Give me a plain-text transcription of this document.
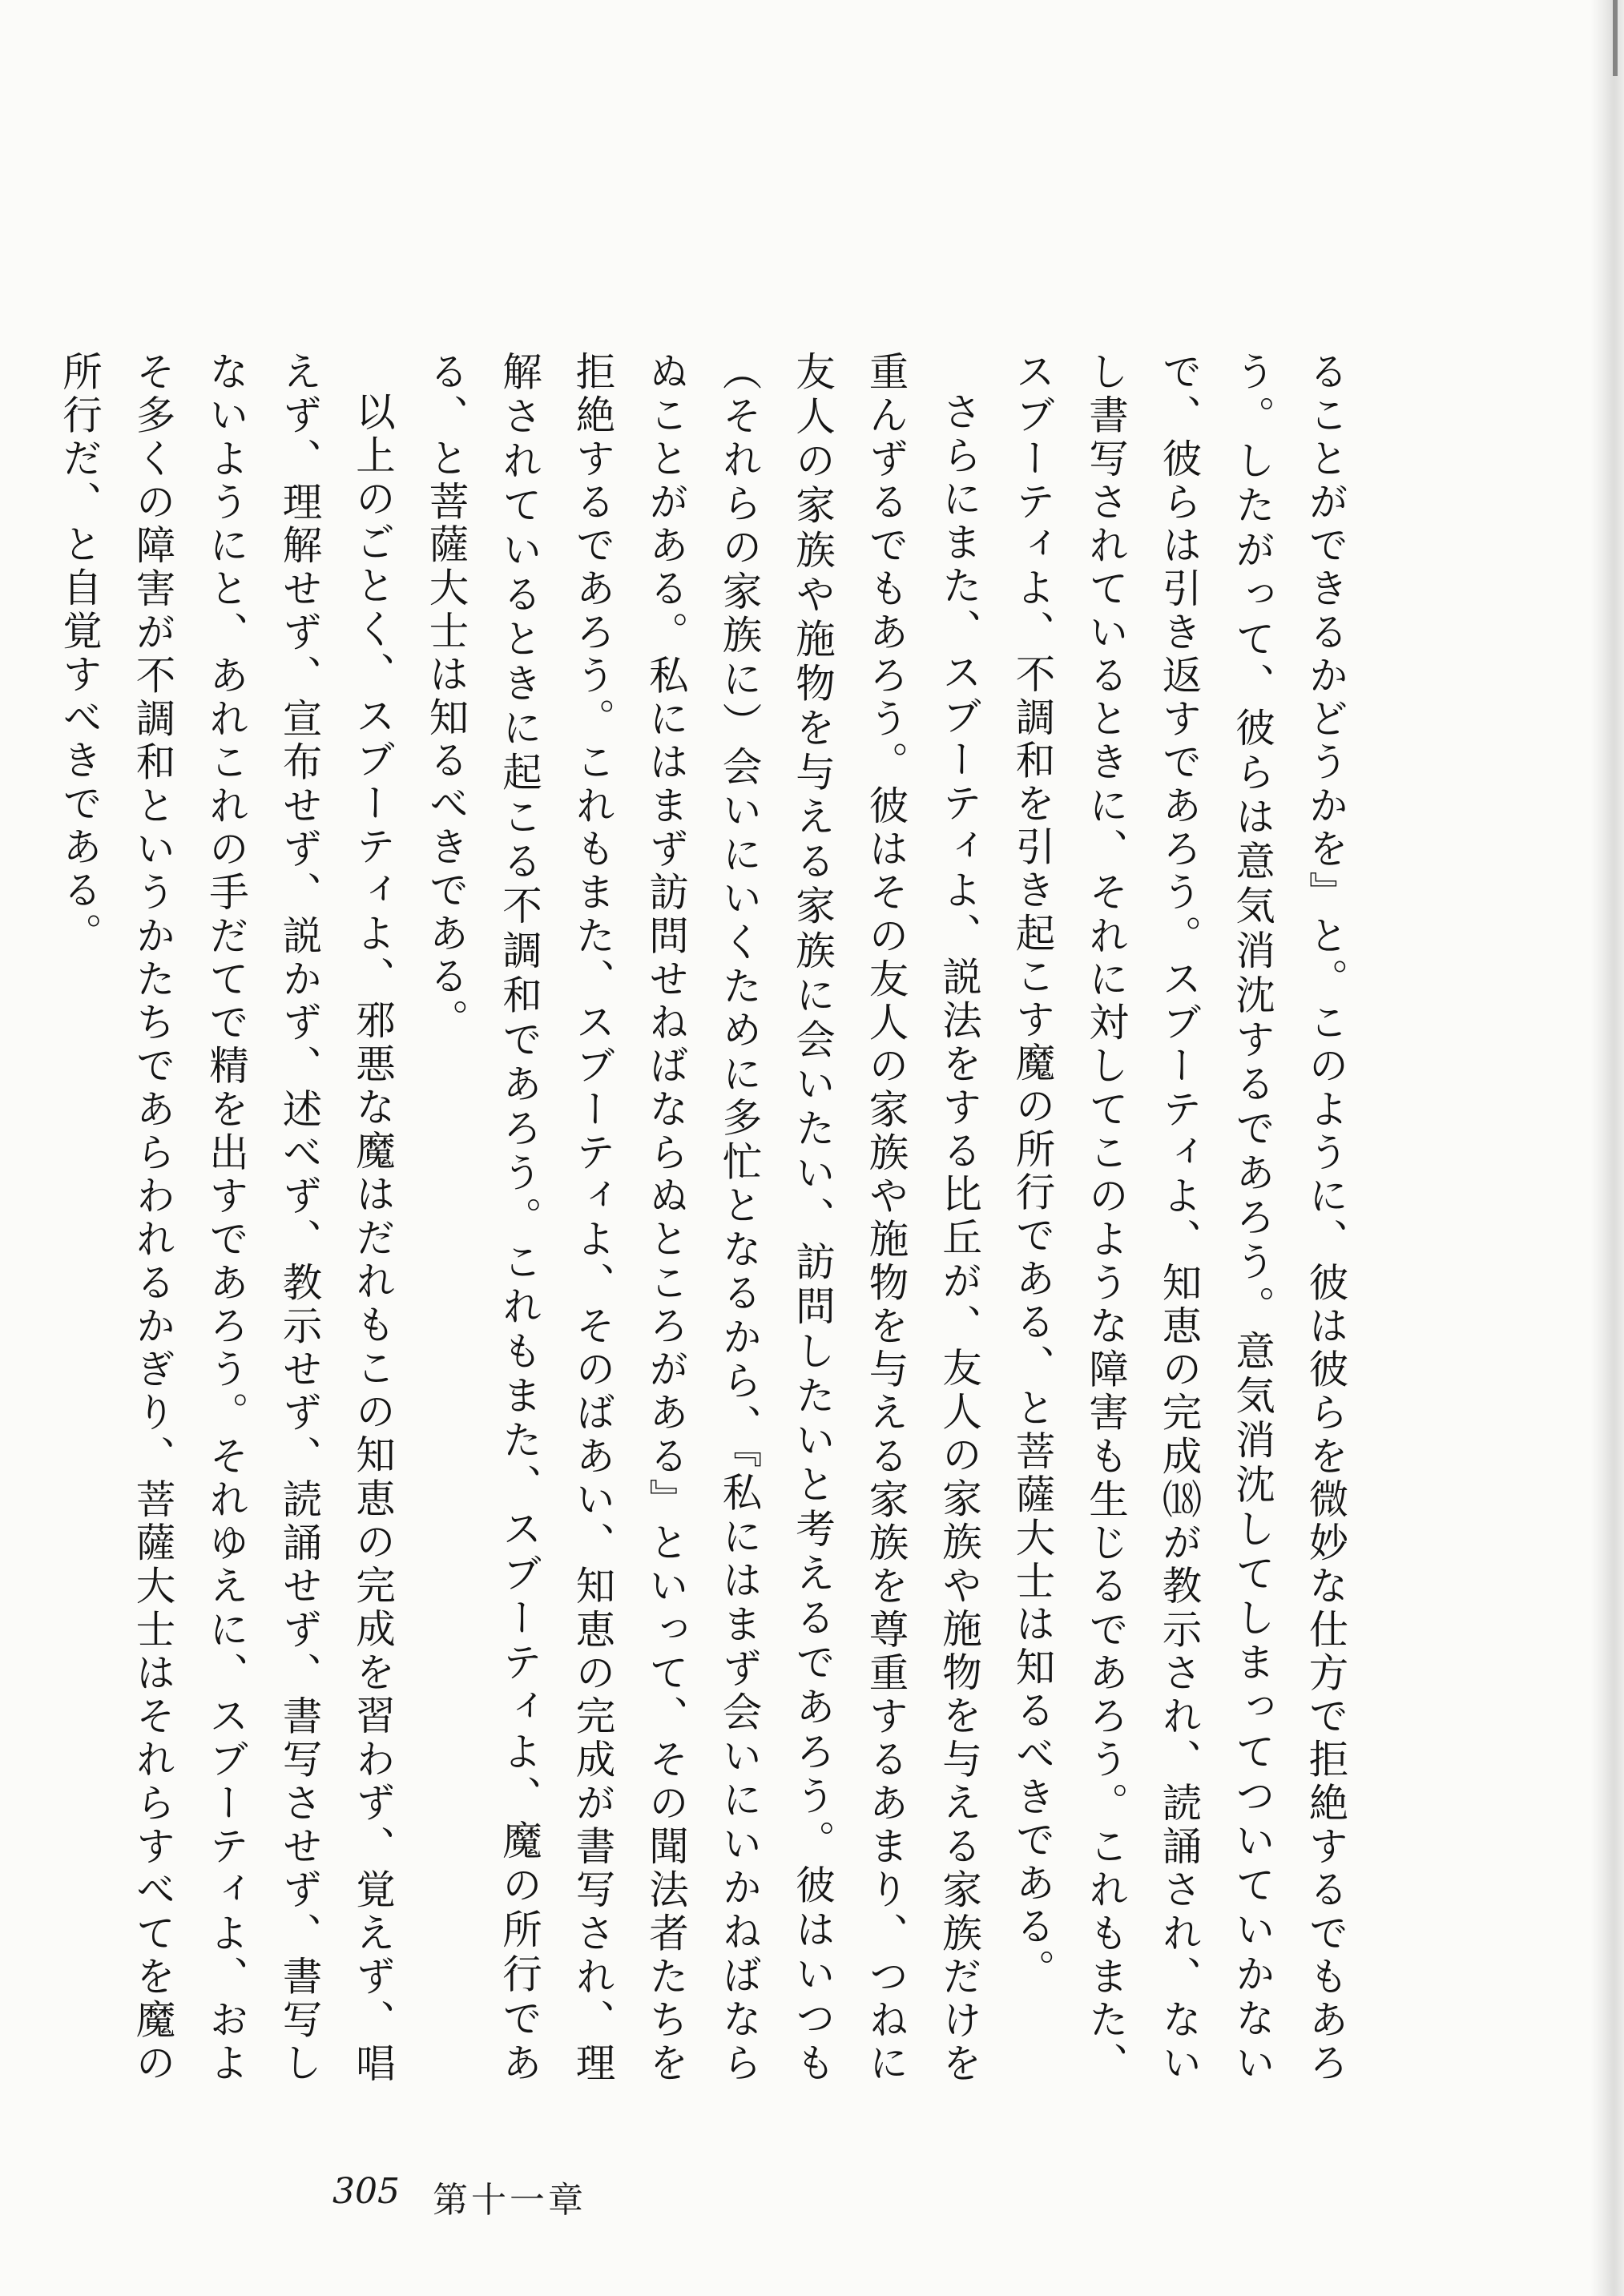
ることができるかどうかを』と。このように、彼は彼らを微妙な仕方で拒絶するでもあろう。したがって、彼らは意気消沈するであろう。意気消沈してしまってついていかないで、彼らは引き返すであろう。スブーティよ、知恵の完成⒅が教示され、読誦され、ないし書写されているときに、それに対してこのような障害も生じるであろう。これもまた、スブーティよ、不調和を引き起こす魔の所行である、と菩薩大士は知るべきである。

さらにまた、スブーティよ、説法をする比丘が、友人の家族や施物を与える家族だけを重んずるでもあろう。彼はその友人の家族や施物を与える家族を尊重するあまり、つねに友人の家族や施物を与える家族に会いたい、訪問したいと考えるであろう。彼はいつも（それらの家族に）会いにいくために多忙となるから、『私にはまず会いにいかねばならぬことがある。私にはまず訪問せねばならぬところがある』といって、その聞法者たちを拒絶するであろう。これもまた、スブーティよ、そのばあい、知恵の完成が書写され、理解されているときに起こる不調和であろう。これもまた、スブーティよ、魔の所行である、と菩薩大士は知るべきである。

以上のごとく、スブーティよ、邪悪な魔はだれもこの知恵の完成を習わず、覚えず、唱えず、理解せず、宣布せず、説かず、述べず、教示せず、読誦せず、書写させず、書写しないようにと、あれこれの手だてで精を出すであろう。それゆえに、スブーティよ、およそ多くの障害が不調和というかたちであらわれるかぎり、菩薩大士はそれらすべてを魔の所行だ、と自覚すべきである。

305 第十一章
